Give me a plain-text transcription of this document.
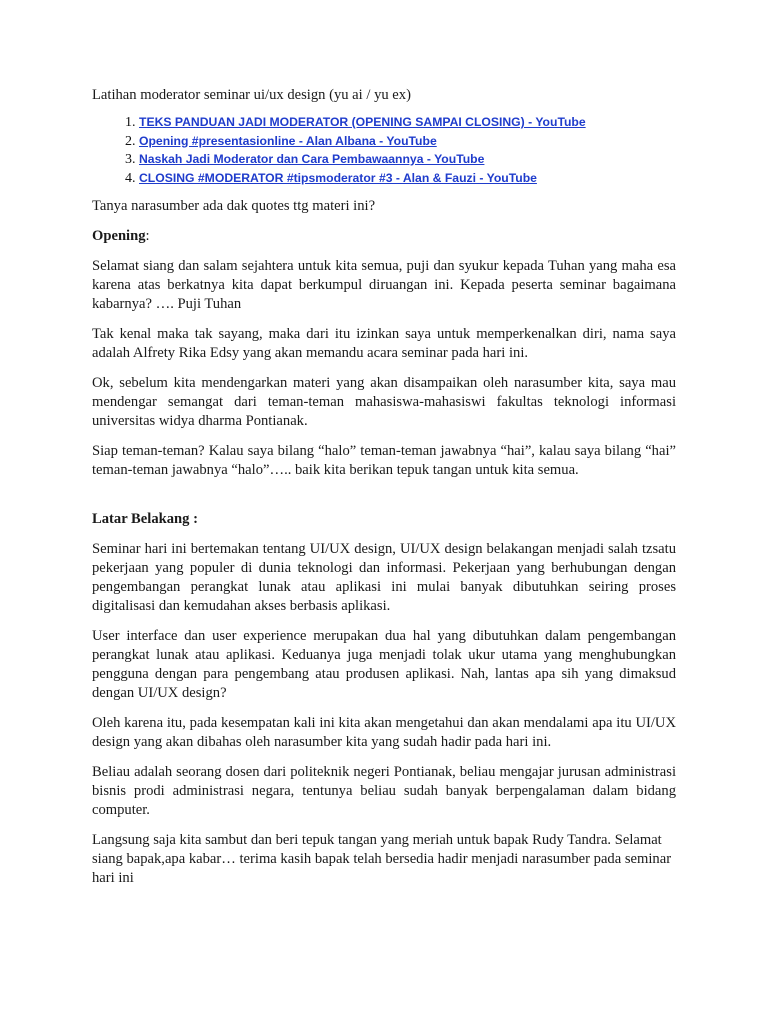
Latihan moderator seminar ui/ux design (yu ai / yu ex)

1. TEKS PANDUAN JADI MODERATOR (OPENING SAMPAI CLOSING) - YouTube
2. Opening #presentasionline - Alan Albana - YouTube
3. Naskah Jadi Moderator dan Cara Pembawaannya - YouTube
4. CLOSING #MODERATOR #tipsmoderator #3 - Alan & Fauzi - YouTube

Tanya narasumber ada dak quotes ttg materi ini?

Opening:

Selamat siang dan salam sejahtera untuk kita semua, puji dan syukur kepada Tuhan yang maha esa karena atas berkatnya kita dapat berkumpul diruangan ini. Kepada peserta seminar bagaimana kabarnya? …. Puji Tuhan

Tak kenal maka tak sayang, maka dari itu izinkan saya untuk memperkenalkan diri, nama saya adalah Alfrety Rika Edsy yang akan memandu acara seminar pada hari ini.

Ok, sebelum kita mendengarkan materi yang akan disampaikan oleh narasumber kita, saya mau mendengar semangat dari teman-teman mahasiswa-mahasiswi fakultas teknologi informasi universitas widya dharma Pontianak.

Siap teman-teman? Kalau saya bilang “halo” teman-teman jawabnya “hai”, kalau saya bilang “hai” teman-teman jawabnya “halo”….. baik kita berikan tepuk tangan untuk kita semua.

Latar Belakang :

Seminar hari ini bertemakan tentang UI/UX design, UI/UX design belakangan menjadi salah tzsatu pekerjaan yang populer di dunia teknologi dan informasi. Pekerjaan yang berhubungan dengan pengembangan perangkat lunak atau aplikasi ini mulai banyak dibutuhkan seiring proses digitalisasi dan kemudahan akses berbasis aplikasi.

User interface dan user experience merupakan dua hal yang dibutuhkan dalam pengembangan perangkat lunak atau aplikasi. Keduanya juga menjadi tolak ukur utama yang menghubungkan pengguna dengan para pengembang atau produsen aplikasi. Nah, lantas apa sih yang dimaksud dengan UI/UX design?

Oleh karena itu, pada kesempatan kali ini kita akan mengetahui dan akan mendalami apa itu UI/UX design yang akan dibahas oleh narasumber kita yang sudah hadir pada hari ini.

Beliau adalah seorang dosen dari politeknik negeri Pontianak, beliau mengajar jurusan administrasi bisnis prodi administrasi negara, tentunya beliau sudah banyak berpengalaman dalam bidang computer.

Langsung saja kita sambut dan beri tepuk tangan yang meriah untuk bapak Rudy Tandra. Selamat siang bapak,apa kabar… terima kasih bapak telah bersedia hadir menjadi narasumber pada seminar hari ini
